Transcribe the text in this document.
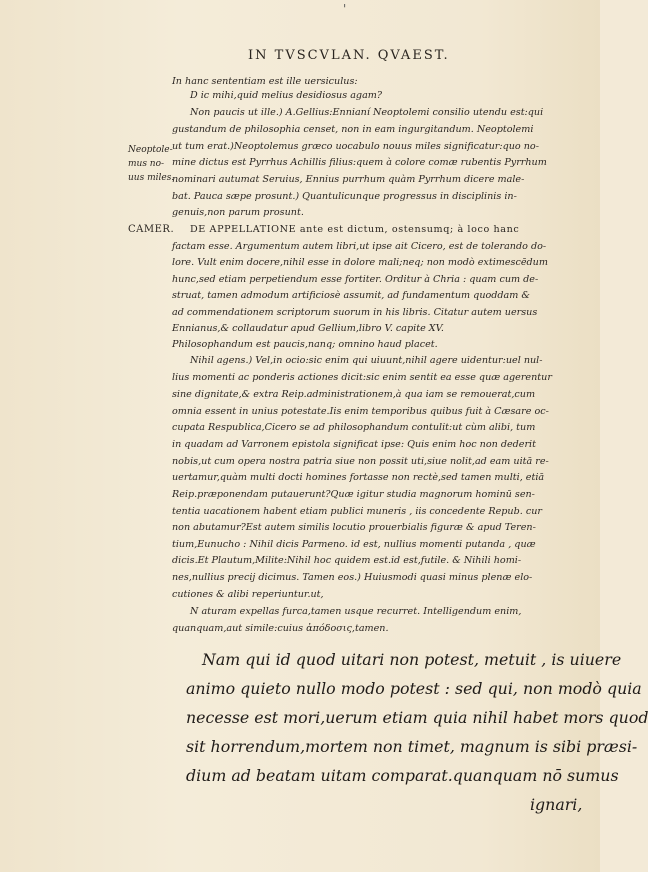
'
IN TVSCVLAN. QVAEST.
Neoptole-
mus no-
uus miles.
CAMER.
In hanc sententiam est ille uersiculus:
D ic mihi,quid melius desidiosus agam?
Non paucis ut ille.) A.Gellius:Ennianí Neoptolemi consilio utendu est:qui
gustandum de philosophia censet, non in eam ingurgitandum. Neoptolemi
ut tum erat.)Neoptolemus græco uocabulo nouus miles significatur:quo no-
mine dictus est Pyrrhus Achillis filius:quem à colore comæ rubentis Pyrrhum
nominari autumat Seruius, Ennius purrhum quàm Pyrrhum dicere male-
bat. Pauca sæpe prosunt.) Quantulicunque progressus in disciplinis in-
genuis,non parum prosunt.
DE APPELLATIONE ante est dictum, ostensumq; à loco hanc
factam esse. Argumentum autem libri,ut ipse ait Cicero, est de tolerando do-
lore. Vult enim docere,nihil esse in dolore mali;neq; non modò extimescēdum
hunc,sed etiam perpetiendum esse fortiter. Orditur à Chria : quam cum de-
struat, tamen admodum artificiosè assumit, ad fundamentum quoddam &
ad commendationem scriptorum suorum in his libris. Citatur autem uersus
Ennianus,& collaudatur apud Gellium,libro V. capite XV.
Philosophandum est paucis,nanq; omnino haud placet.
Nihil agens.) Vel,in ocio:sic enim qui uiuunt,nihil agere uidentur:uel nul-
lius momenti ac ponderis actiones dicit:sic enim sentit ea esse quæ agerentur
sine dignitate,& extra Reip.administrationem,à qua iam se remouerat,cum
omnia essent in unius potestate.Iis enim temporibus quibus fuit à Cæsare oc-
cupata Respublica,Cicero se ad philosophandum contulit:ut cùm alibi, tum
in quadam ad Varronem epistola significat ipse: Quis enim hoc non dederit
nobis,ut cum opera nostra patria siue non possit uti,siue nolit,ad eam uitā re-
uertamur,quàm multi docti homines fortasse non rectè,sed tamen multi, etiā
Reip.præponendam putauerunt?Quæ igitur studia magnorum hominū sen-
tentia uacationem habent etiam publici muneris , iis concedente Repub. cur
non abutamur?Est autem similis locutio prouerbialis figuræ & apud Teren-
tium,Eunucho : Nihil dicis Parmeno. id est, nullius momenti putanda , quæ
dicis.Et Plautum,Milite:Nihil hoc quidem est.id est,futile. & Nihili homi-
nes,nullius precij dicimus. Tamen eos.) Huiusmodi quasi minus plenæ elo-
cutiones & alibi reperiuntur.ut,
N aturam expellas furca,tamen usque recurret. Intelligendum enim,
quanquam,aut simile:cuius ἀπόδοσις,tamen.
Nam qui id quod uitari non potest, metuit , is uiuere
animo quieto nullo modo potest : sed qui, non modò quia
necesse est mori,uerum etiam quia nihil habet mors quod
sit horrendum,mortem non timet, magnum is sibi præsi-
dium ad beatam uitam comparat.quanquam nō sumus
ignari,
